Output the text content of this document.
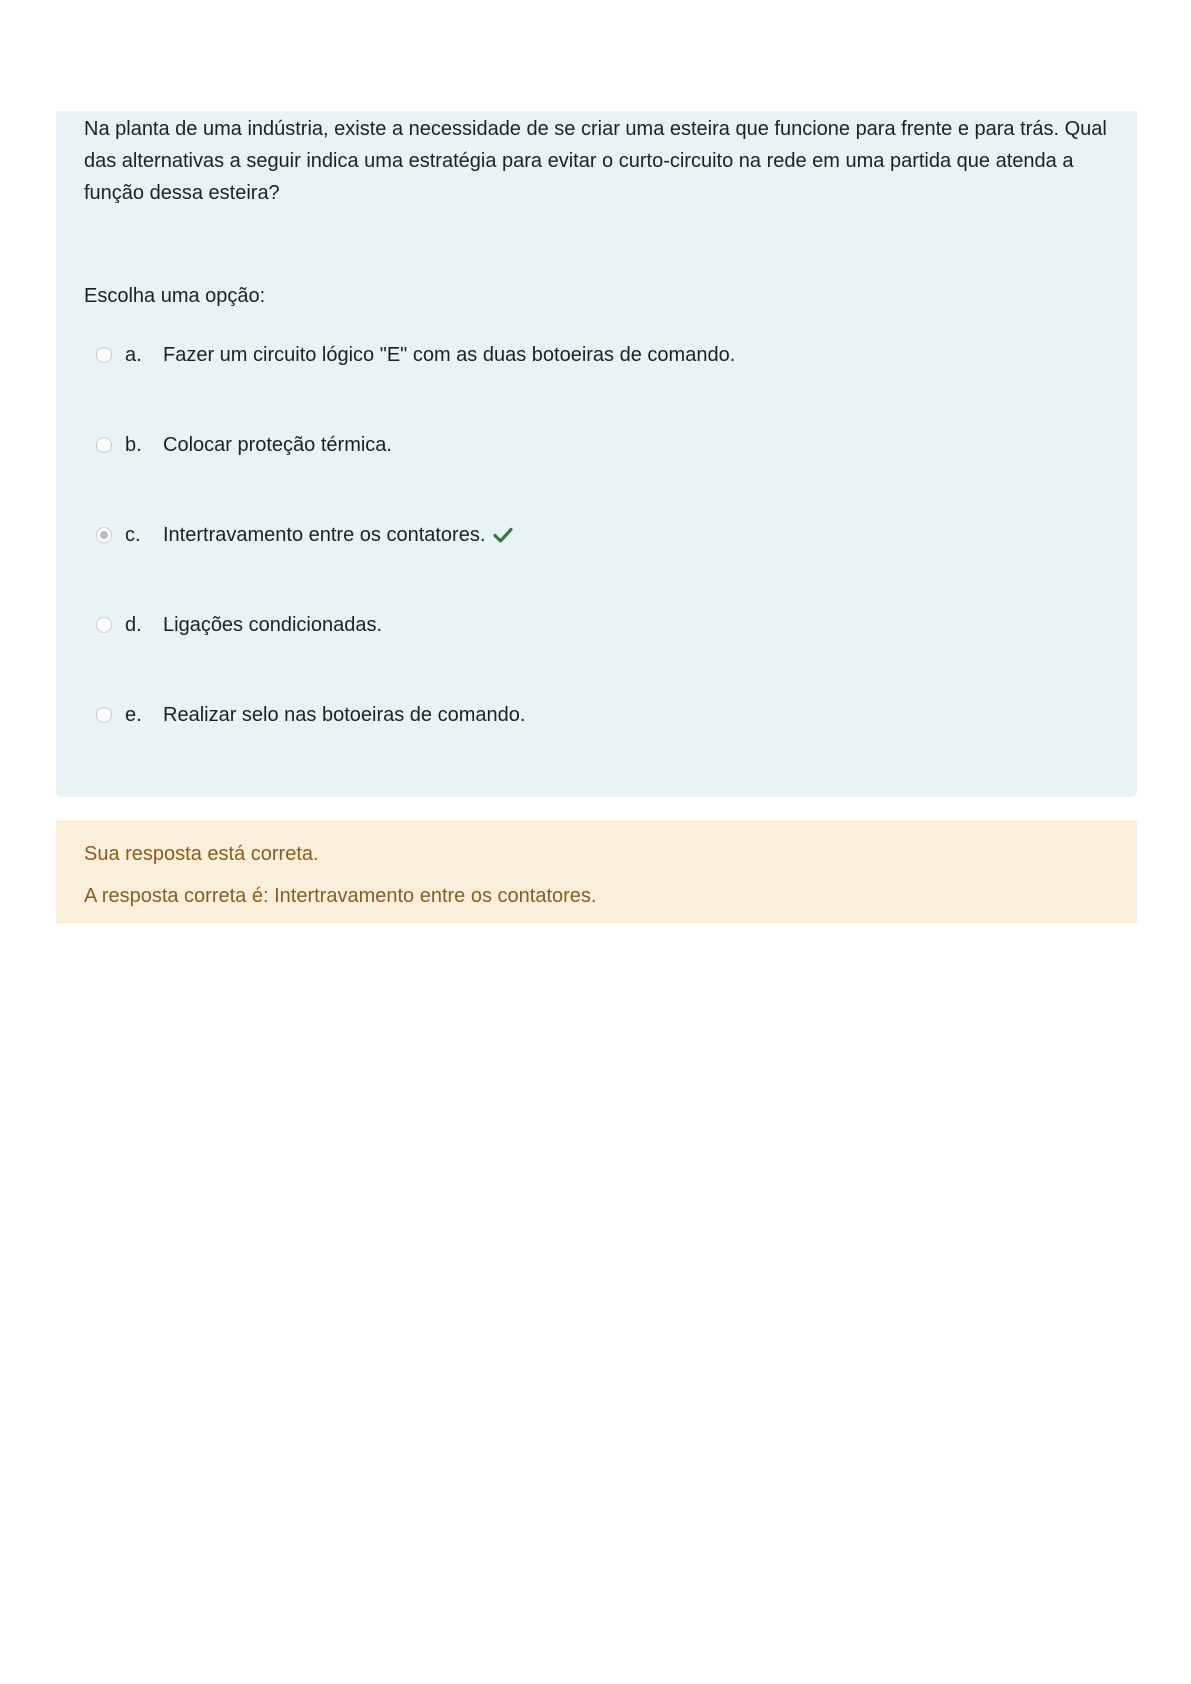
Na planta de uma indústria, existe a necessidade de se criar uma esteira que funcione para frente e para trás. Qual das alternativas a seguir indica uma estratégia para evitar o curto-circuito na rede em uma partida que atenda a função dessa esteira?

Escolha uma opção:
a.	Fazer um circuito lógico "E" com as duas botoeiras de comando.
b.	Colocar proteção térmica.
c.	Intertravamento entre os contatores.
d.	Ligações condicionadas.
e.	Realizar selo nas botoeiras de comando.
Sua resposta está correta.
A resposta correta é: Intertravamento entre os contatores.
